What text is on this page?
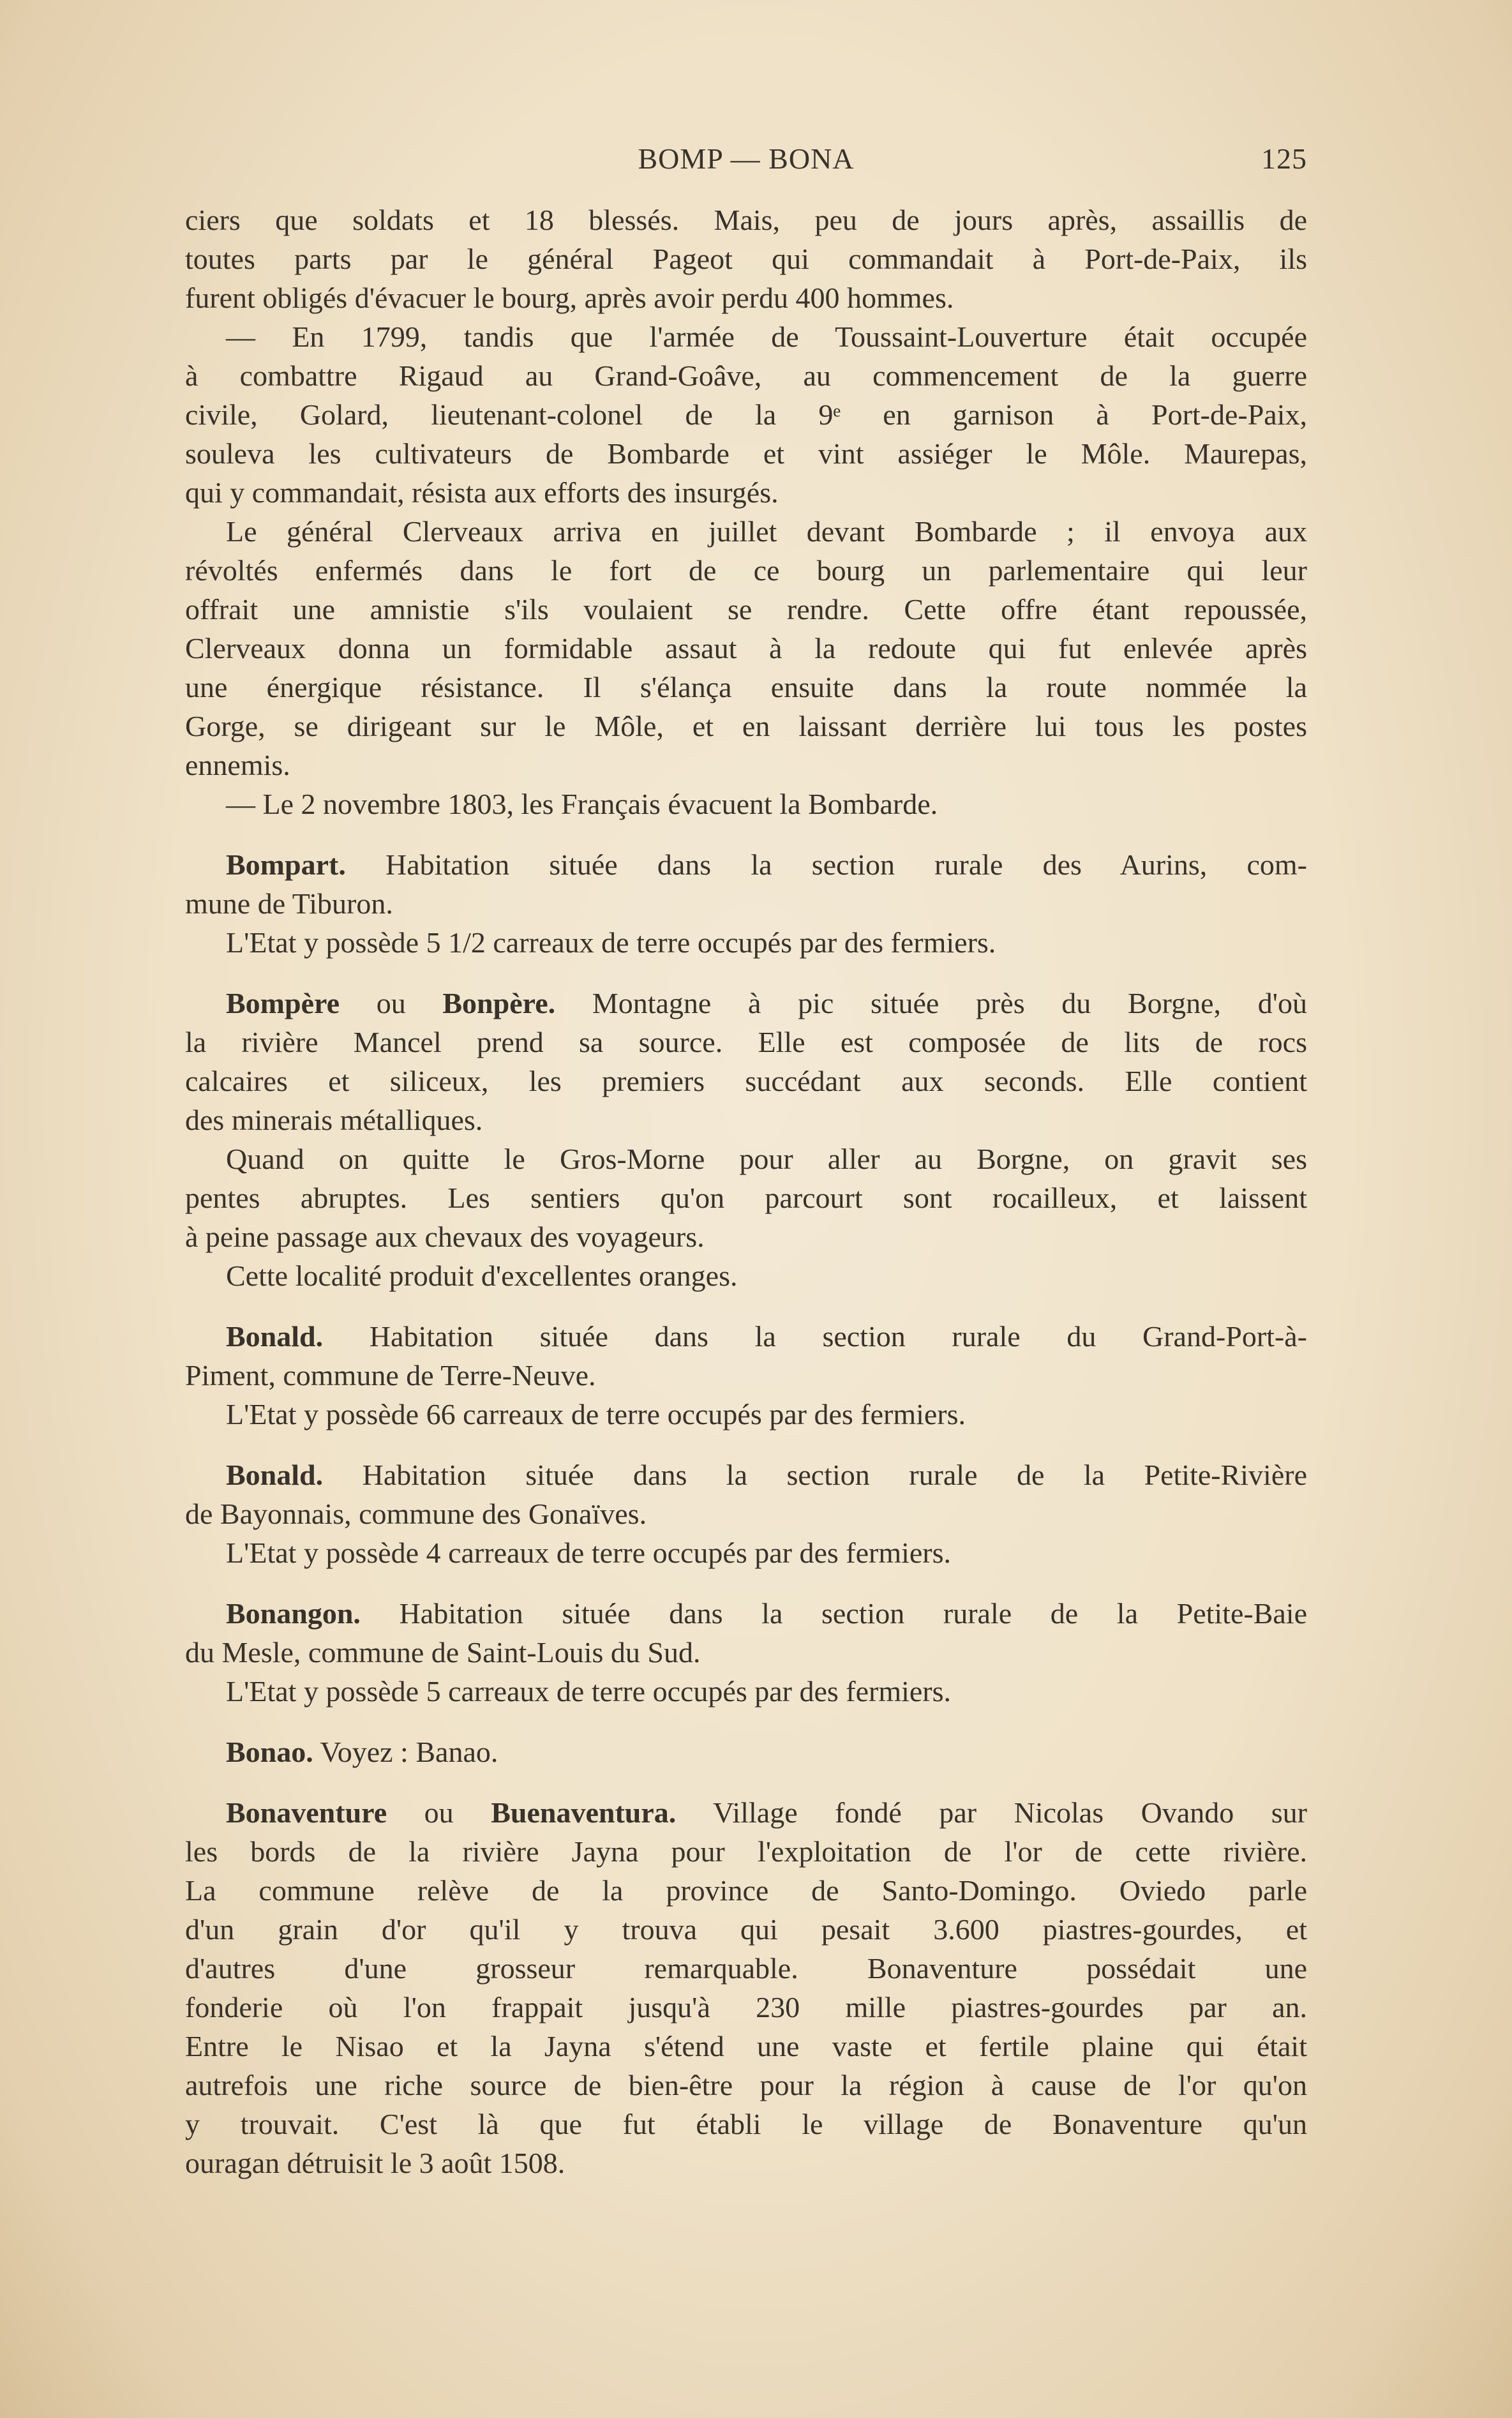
BOMP — BONA	125
ciers que soldats et 18 blessés. Mais, peu de jours après, assaillis de
toutes parts par le général Pageot qui commandait à Port-de-Paix, ils
furent obligés d'évacuer le bourg, après avoir perdu 400 hommes.
— En 1799, tandis que l'armée de Toussaint-Louverture était occupée
à combattre Rigaud au Grand-Goâve, au commencement de la guerre
civile, Golard, lieutenant-colonel de la 9ᵉ en garnison à Port-de-Paix,
souleva les cultivateurs de Bombarde et vint assiéger le Môle. Maurepas,
qui y commandait, résista aux efforts des insurgés.
Le général Clerveaux arriva en juillet devant Bombarde ; il envoya aux
révoltés enfermés dans le fort de ce bourg un parlementaire qui leur
offrait une amnistie s'ils voulaient se rendre. Cette offre étant repoussée,
Clerveaux donna un formidable assaut à la redoute qui fut enlevée après
une énergique résistance. Il s'élança ensuite dans la route nommée la
Gorge, se dirigeant sur le Môle, et en laissant derrière lui tous les postes
ennemis.
— Le 2 novembre 1803, les Français évacuent la Bombarde.
Bompart. Habitation située dans la section rurale des Aurins, com-
mune de Tiburon.
L'Etat y possède 5 1/2 carreaux de terre occupés par des fermiers.
Bompère ou Bonpère. Montagne à pic située près du Borgne, d'où
la rivière Mancel prend sa source. Elle est composée de lits de rocs
calcaires et siliceux, les premiers succédant aux seconds. Elle contient
des minerais métalliques.
Quand on quitte le Gros-Morne pour aller au Borgne, on gravit ses
pentes abruptes. Les sentiers qu'on parcourt sont rocailleux, et laissent
à peine passage aux chevaux des voyageurs.
Cette localité produit d'excellentes oranges.
Bonald. Habitation située dans la section rurale du Grand-Port-à-
Piment, commune de Terre-Neuve.
L'Etat y possède 66 carreaux de terre occupés par des fermiers.
Bonald. Habitation située dans la section rurale de la Petite-Rivière
de Bayonnais, commune des Gonaïves.
L'Etat y possède 4 carreaux de terre occupés par des fermiers.
Bonangon. Habitation située dans la section rurale de la Petite-Baie
du Mesle, commune de Saint-Louis du Sud.
L'Etat y possède 5 carreaux de terre occupés par des fermiers.
Bonao. Voyez : Banao.
Bonaventure ou Buenaventura. Village fondé par Nicolas Ovando sur
les bords de la rivière Jayna pour l'exploitation de l'or de cette rivière.
La commune relève de la province de Santo-Domingo. Oviedo parle
d'un grain d'or qu'il y trouva qui pesait 3.600 piastres-gourdes, et
d'autres d'une grosseur remarquable. Bonaventure possédait une
fonderie où l'on frappait jusqu'à 230 mille piastres-gourdes par an.
Entre le Nisao et la Jayna s'étend une vaste et fertile plaine qui était
autrefois une riche source de bien-être pour la région à cause de l'or qu'on
y trouvait. C'est là que fut établi le village de Bonaventure qu'un
ouragan détruisit le 3 août 1508.
